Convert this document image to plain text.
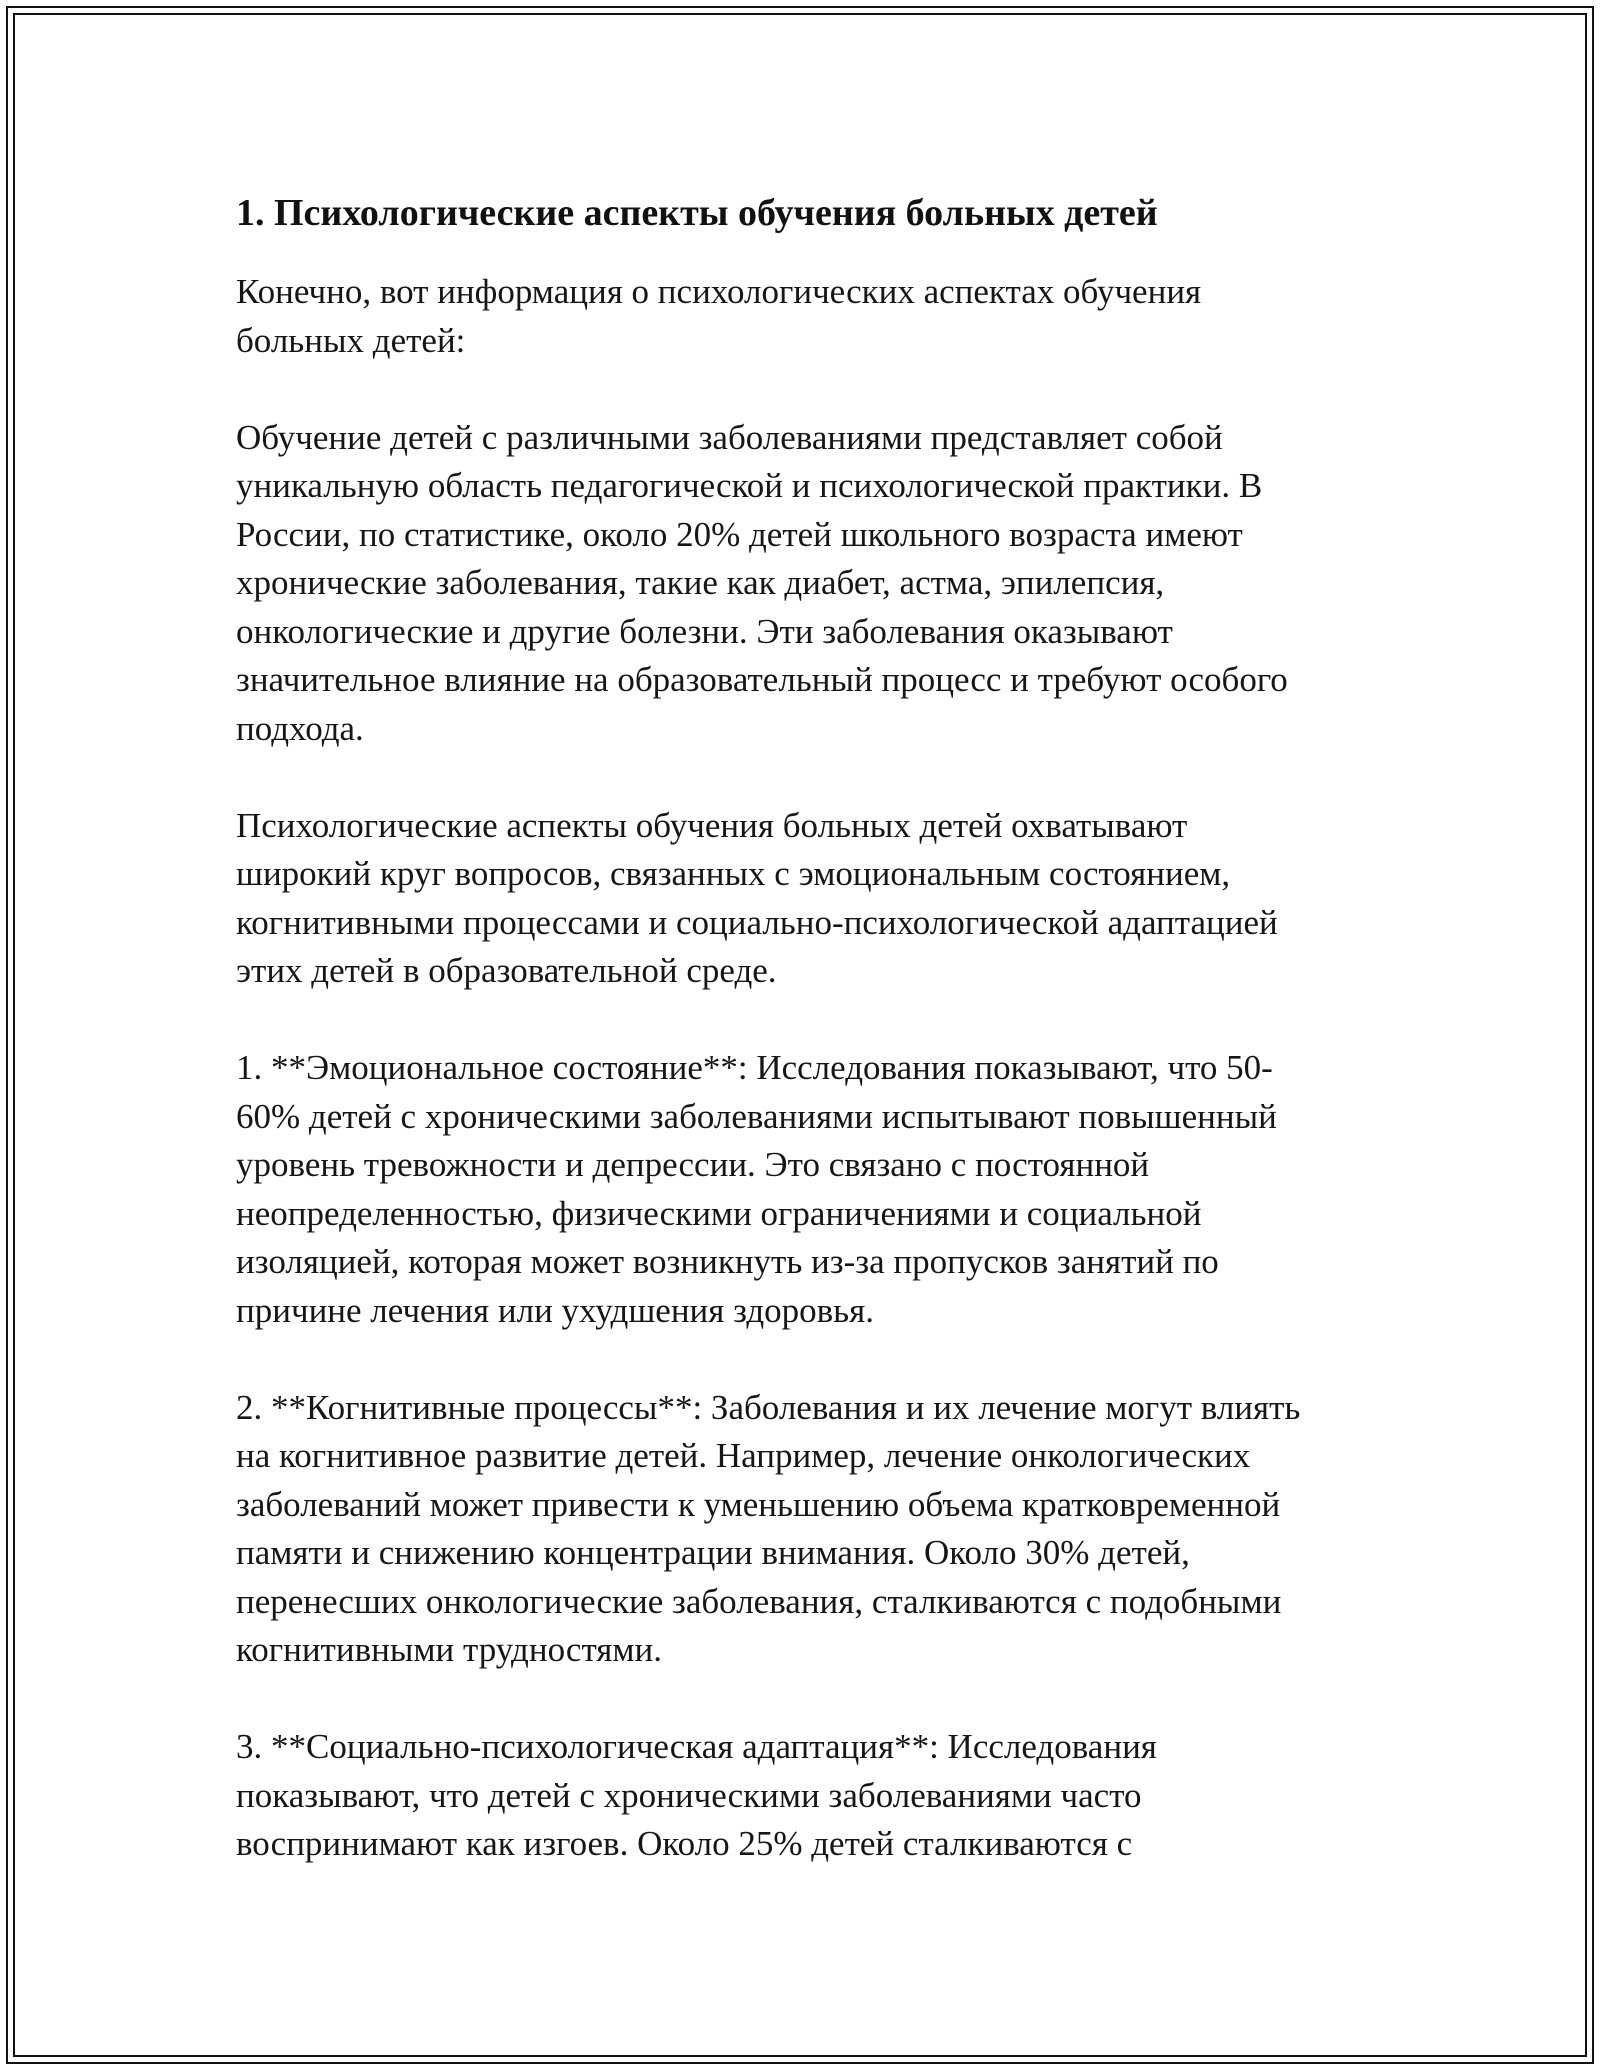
1. Психологические аспекты обучения больных детей
Конечно, вот информация о психологических аспектах обучения
больных детей:
Обучение детей с различными заболеваниями представляет собой
уникальную область педагогической и психологической практики. В
России, по статистике, около 20% детей школьного возраста имеют
хронические заболевания, такие как диабет, астма, эпилепсия,
онкологические и другие болезни. Эти заболевания оказывают
значительное влияние на образовательный процесс и требуют особого
подхода.
Психологические аспекты обучения больных детей охватывают
широкий круг вопросов, связанных с эмоциональным состоянием,
когнитивными процессами и социально-психологической адаптацией
этих детей в образовательной среде.
1. **Эмоциональное состояние**: Исследования показывают, что 50-
60% детей с хроническими заболеваниями испытывают повышенный
уровень тревожности и депрессии. Это связано с постоянной
неопределенностью, физическими ограничениями и социальной
изоляцией, которая может возникнуть из-за пропусков занятий по
причине лечения или ухудшения здоровья.
2. **Когнитивные процессы**: Заболевания и их лечение могут влиять
на когнитивное развитие детей. Например, лечение онкологических
заболеваний может привести к уменьшению объема кратковременной
памяти и снижению концентрации внимания. Около 30% детей,
перенесших онкологические заболевания, сталкиваются с подобными
когнитивными трудностями.
3. **Социально-психологическая адаптация**: Исследования
показывают, что детей с хроническими заболеваниями часто
воспринимают как изгоев. Около 25% детей сталкиваются с
